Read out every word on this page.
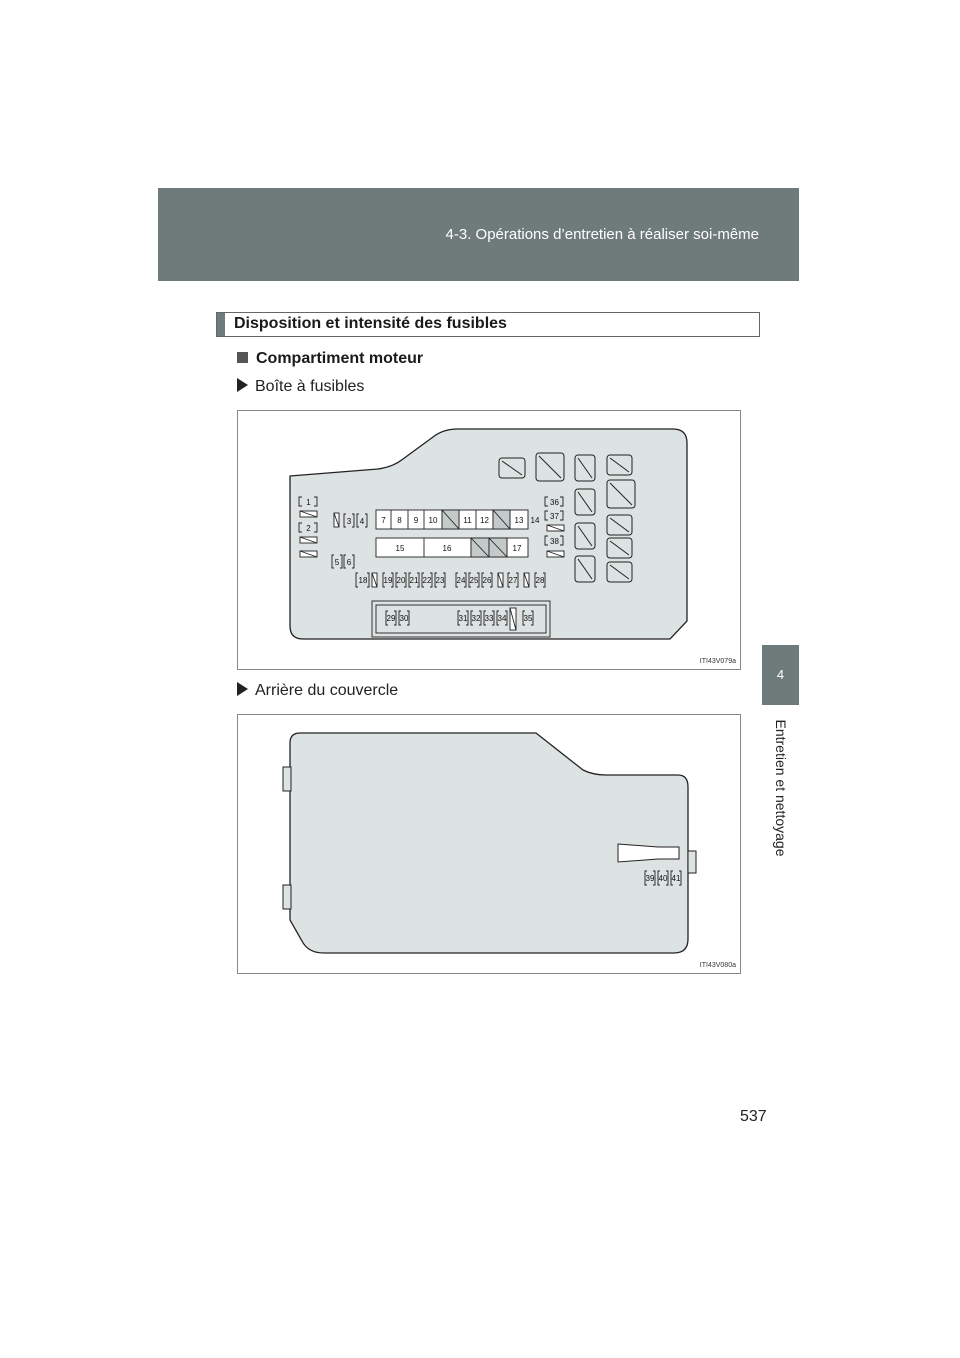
4-3. Opérations d’entretien à réaliser soi-même
4
Entretien et nettoyage
Disposition et intensité des fusibles
Compartiment moteur
Boîte à fusibles
1
2
3 4
5 6
7 8 9 10	11 12	13 14
15	16	17
36
37
38
18 19 20 21 22 23 24 25 26 27 28
29 30	31 32 33 34 35
ITI43V079a
Arrière du couvercle
39 40 41
ITI43V080a
537
